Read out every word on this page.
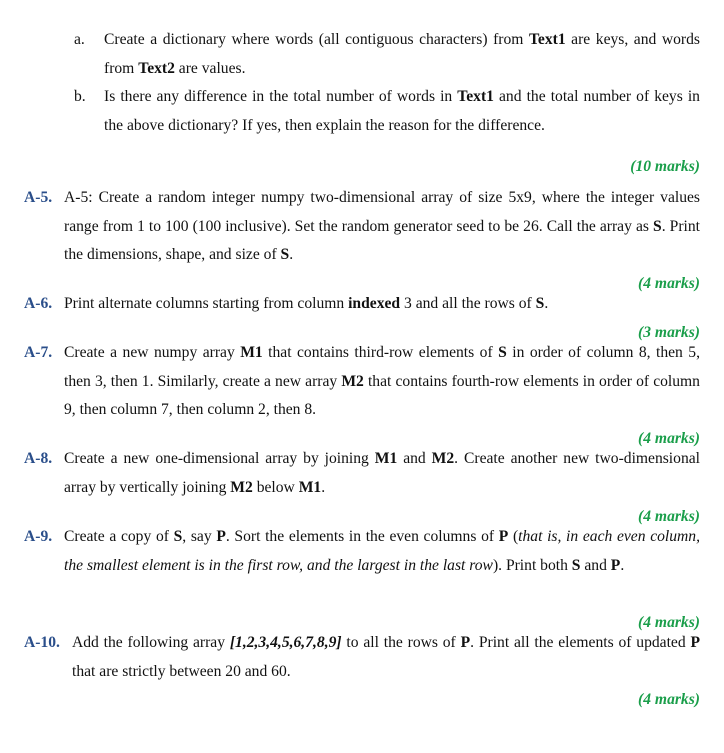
a.	Create a dictionary where words (all contiguous characters) from Text1 are keys, and words from Text2 are values.
b.	Is there any difference in the total number of words in Text1 and the total number of keys in the above dictionary? If yes, then explain the reason for the difference.
(10 marks)
A-5. A-5: Create a random integer numpy two-dimensional array of size 5x9, where the integer values range from 1 to 100 (100 inclusive). Set the random generator seed to be 26. Call the array as S. Print the dimensions, shape, and size of S.
(4 marks)
A-6. Print alternate columns starting from column indexed 3 and all the rows of S.
(3 marks)
A-7. Create a new numpy array M1 that contains third-row elements of S in order of column 8, then 5, then 3, then 1. Similarly, create a new array M2 that contains fourth-row elements in order of column 9, then column 7, then column 2, then 8.
(4 marks)
A-8. Create a new one-dimensional array by joining M1 and M2. Create another new two-dimensional array by vertically joining M2 below M1.
(4 marks)
A-9. Create a copy of S, say P. Sort the elements in the even columns of P (that is, in each even column, the smallest element is in the first row, and the largest in the last row). Print both S and P.
(4 marks)
A-10. Add the following array [1,2,3,4,5,6,7,8,9] to all the rows of P. Print all the elements of updated P that are strictly between 20 and 60.
(4 marks)
